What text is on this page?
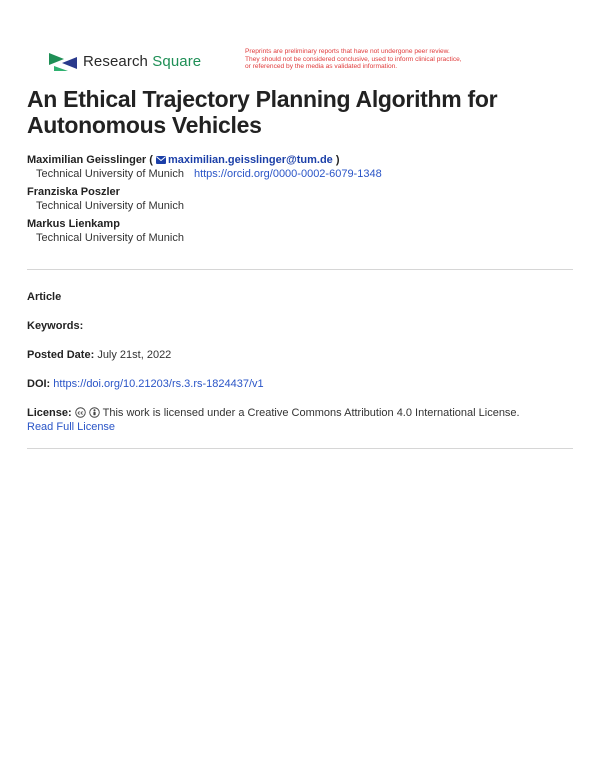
Research Square
Preprints are preliminary reports that have not undergone peer review.
They should not be considered conclusive, used to inform clinical practice,
or referenced by the media as validated information.
An Ethical Trajectory Planning Algorithm for
Autonomous Vehicles
Maximilian Geisslinger ( maximilian.geisslinger@tum.de )
Technical University of Munich https://orcid.org/0000-0002-6079-1348
Franziska Poszler
Technical University of Munich
Markus Lienkamp
Technical University of Munich
Article
Keywords:
Posted Date: July 21st, 2022
DOI: https://doi.org/10.21203/rs.3.rs-1824437/v1
License: cc This work is licensed under a Creative Commons Attribution 4.0 International License.
Read Full License
